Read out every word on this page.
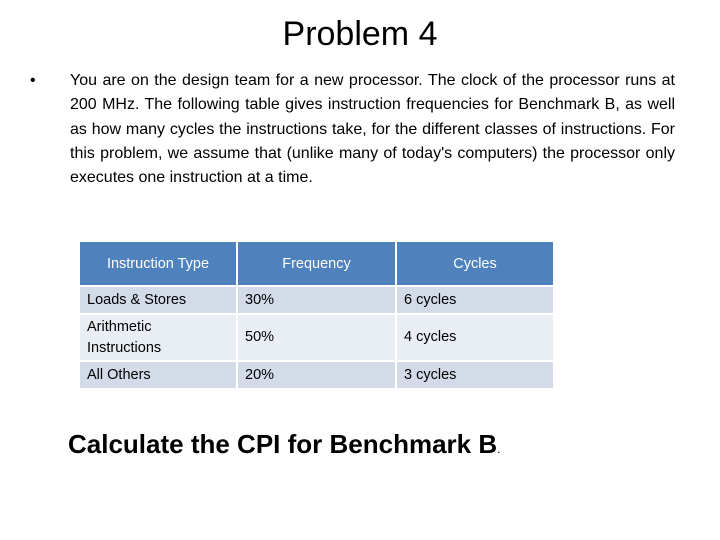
Problem 4
• You are on the design team for a new processor. The clock of the processor runs at 200 MHz. The following table gives instruction frequencies for Benchmark B, as well as how many cycles the instructions take, for the different classes of instructions. For this problem, we assume that (unlike many of today's computers) the processor only executes one instruction at a time.
Instruction Type	Frequency	Cycles
Loads & Stores	30%	6 cycles
Arithmetic Instructions	50%	4 cycles
All Others	20%	3 cycles
Calculate the CPI for Benchmark B.
